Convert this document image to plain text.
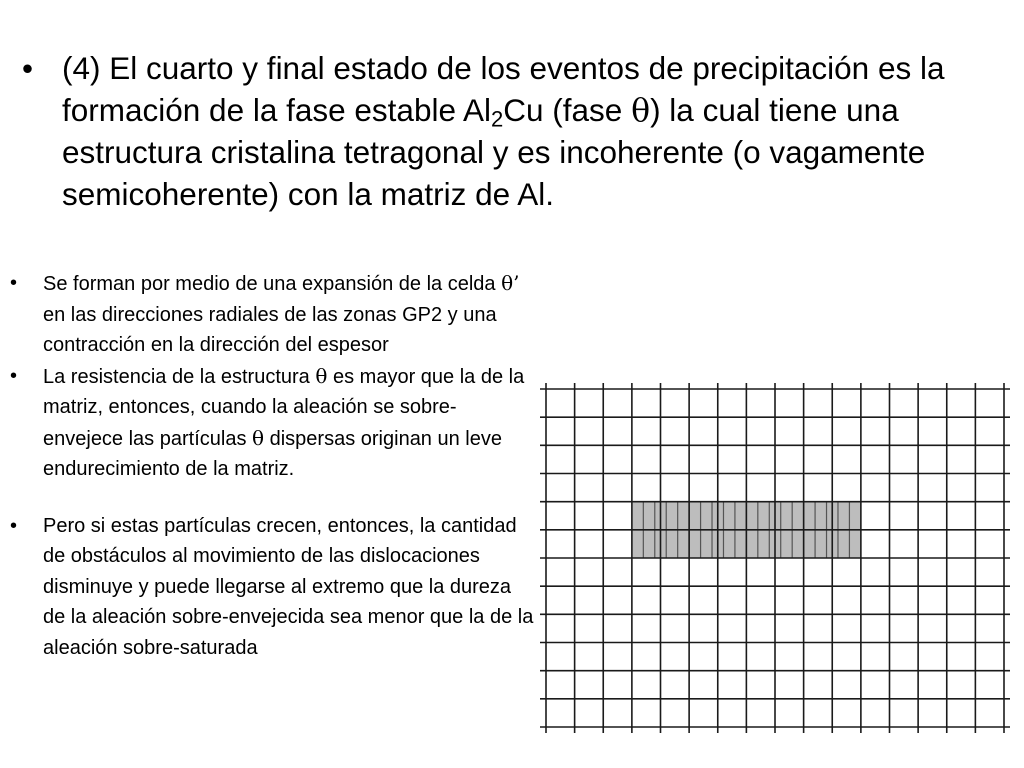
• (4) El cuarto y final estado de los eventos de precipitación es la formación de la fase estable $Al_2Cu$ (fase θ) la cual tiene una estructura cristalina tetragonal y es incoherente (o vagamente semicoherente) con la matriz de Al.
•	Se forman por medio de una expansión de la celda θ’ en las direcciones radiales de las zonas GP2 y una contracción en la dirección del espesor
•	La resistencia de la estructura θ es mayor que la de la matriz, entonces, cuando la aleación se sobre-envejece las partículas θ dispersas originan un leve endurecimiento de la matriz.
•	Pero si estas partículas crecen, entonces, la cantidad de obstáculos al movimiento de las dislocaciones disminuye y puede llegarse al extremo que la dureza de la aleación sobre-envejecida sea menor que la de la aleación sobre-saturada
